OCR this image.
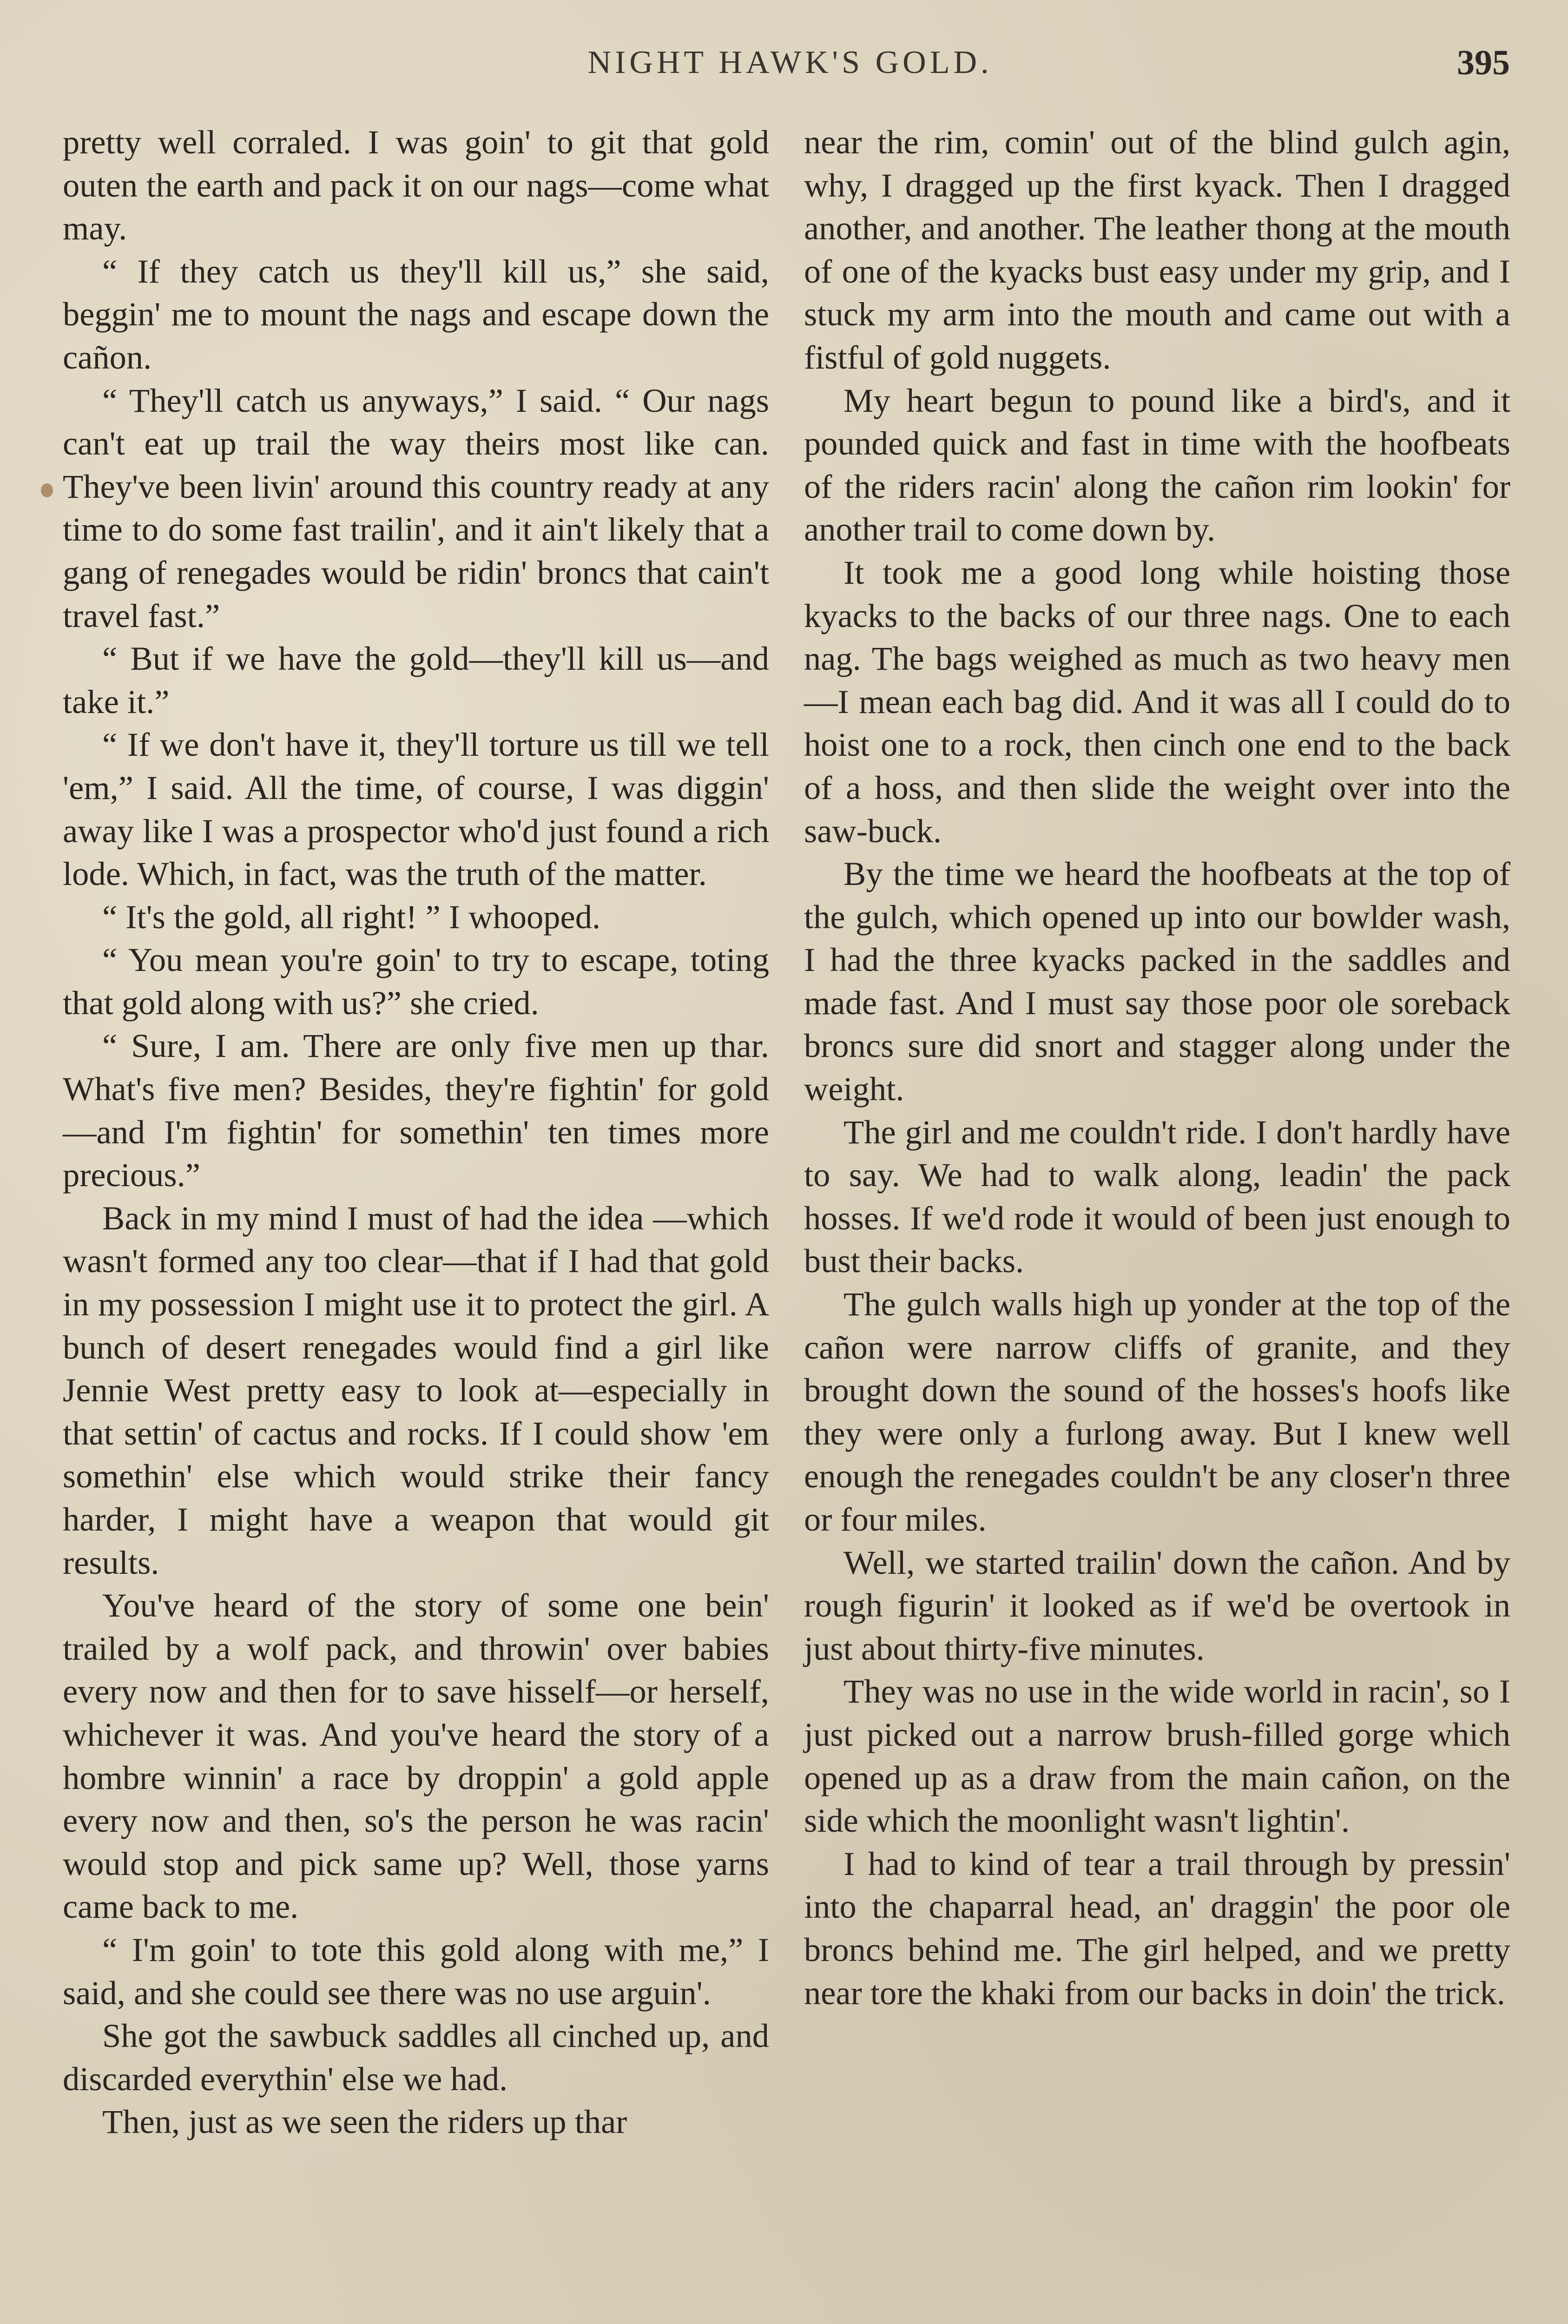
NIGHT HAWK'S GOLD.	395

pretty well corraled. I was goin' to git that gold outen the earth and pack it on our nags—come what may.

“ If they catch us they'll kill us,” she said, beggin' me to mount the nags and escape down the cañon.

“ They'll catch us anyways,” I said. “ Our nags can't eat up trail the way theirs most like can. They've been livin' around this country ready at any time to do some fast trailin', and it ain't likely that a gang of renegades would be ridin' broncs that cain't travel fast.”

“ But if we have the gold—they'll kill us—and take it.”

“ If we don't have it, they'll torture us till we tell 'em,” I said. All the time, of course, I was diggin' away like I was a prospector who'd just found a rich lode. Which, in fact, was the truth of the matter.

“ It's the gold, all right! ” I whooped.

“ You mean you're goin' to try to escape, toting that gold along with us?” she cried.

“ Sure, I am. There are only five men up thar. What's five men? Besides, they're fightin' for gold—and I'm fightin' for somethin' ten times more precious.”

Back in my mind I must of had the idea —which wasn't formed any too clear—that if I had that gold in my possession I might use it to protect the girl. A bunch of desert renegades would find a girl like Jennie West pretty easy to look at—especially in that settin' of cactus and rocks. If I could show 'em somethin' else which would strike their fancy harder, I might have a weapon that would git results.

You've heard of the story of some one bein' trailed by a wolf pack, and throwin' over babies every now and then for to save hisself—or herself, whichever it was. And you've heard the story of a hombre winnin' a race by droppin' a gold apple every now and then, so's the person he was racin' would stop and pick same up? Well, those yarns came back to me.

“ I'm goin' to tote this gold along with me,” I said, and she could see there was no use arguin'.

She got the sawbuck saddles all cinched up, and discarded everythin' else we had.

Then, just as we seen the riders up thar

near the rim, comin' out of the blind gulch agin, why, I dragged up the first kyack. Then I dragged another, and another. The leather thong at the mouth of one of the kyacks bust easy under my grip, and I stuck my arm into the mouth and came out with a fistful of gold nuggets.

My heart begun to pound like a bird's, and it pounded quick and fast in time with the hoofbeats of the riders racin' along the cañon rim lookin' for another trail to come down by.

It took me a good long while hoisting those kyacks to the backs of our three nags. One to each nag. The bags weighed as much as two heavy men—I mean each bag did. And it was all I could do to hoist one to a rock, then cinch one end to the back of a hoss, and then slide the weight over into the saw-buck.

By the time we heard the hoofbeats at the top of the gulch, which opened up into our bowlder wash, I had the three kyacks packed in the saddles and made fast. And I must say those poor ole soreback broncs sure did snort and stagger along under the weight.

The girl and me couldn't ride. I don't hardly have to say. We had to walk along, leadin' the pack hosses. If we'd rode it would of been just enough to bust their backs.

The gulch walls high up yonder at the top of the cañon were narrow cliffs of granite, and they brought down the sound of the hosses's hoofs like they were only a furlong away. But I knew well enough the renegades couldn't be any closer'n three or four miles.

Well, we started trailin' down the cañon. And by rough figurin' it looked as if we'd be overtook in just about thirty-five minutes.

They was no use in the wide world in racin', so I just picked out a narrow brush-filled gorge which opened up as a draw from the main cañon, on the side which the moonlight wasn't lightin'.

I had to kind of tear a trail through by pressin' into the chaparral head, an' draggin' the poor ole broncs behind me. The girl helped, and we pretty near tore the khaki from our backs in doin' the trick.
